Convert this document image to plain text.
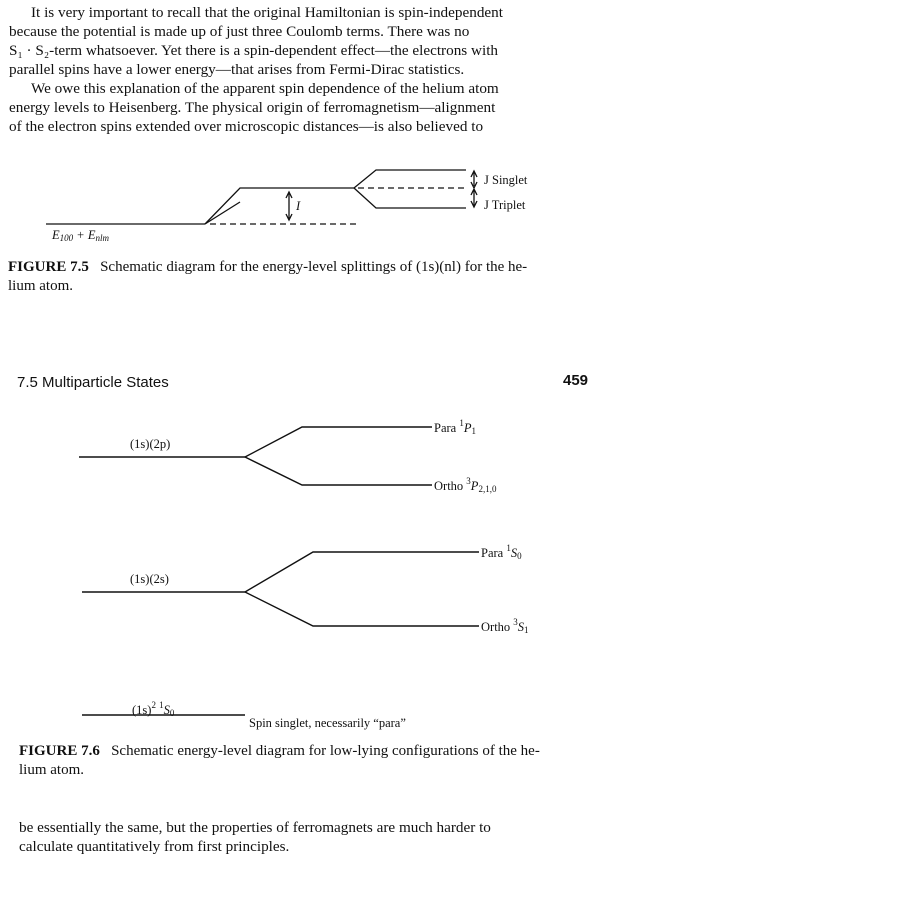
It is very important to recall that the original Hamiltonian is spin-independent
because the potential is made up of just three Coulomb terms. There was no
S₁ · S₂-term whatsoever. Yet there is a spin-dependent effect—the electrons with
parallel spins have a lower energy—that arises from Fermi-Dirac statistics.
We owe this explanation of the apparent spin dependence of the helium atom
energy levels to Heisenberg. The physical origin of ferromagnetism—alignment
of the electron spins extended over microscopic distances—is also believed to
J Singlet
J Triplet
I
$E_{100} + E_{nlm}$
FIGURE 7.5 Schematic diagram for the energy-level splittings of (1s)(nl) for the he-
lium atom.
7.5 Multiparticle States	459
(1s)(2p)
(1s)(2s)
$(1s)^2$ $^1S_0$
Para $^1P_1$
Ortho $^3P_{2,1,0}$
Para $^1S_0$
Ortho $^3S_1$
Spin singlet, necessarily “para”
FIGURE 7.6 Schematic energy-level diagram for low-lying configurations of the he-
lium atom.
be essentially the same, but the properties of ferromagnets are much harder to
calculate quantitatively from first principles.
